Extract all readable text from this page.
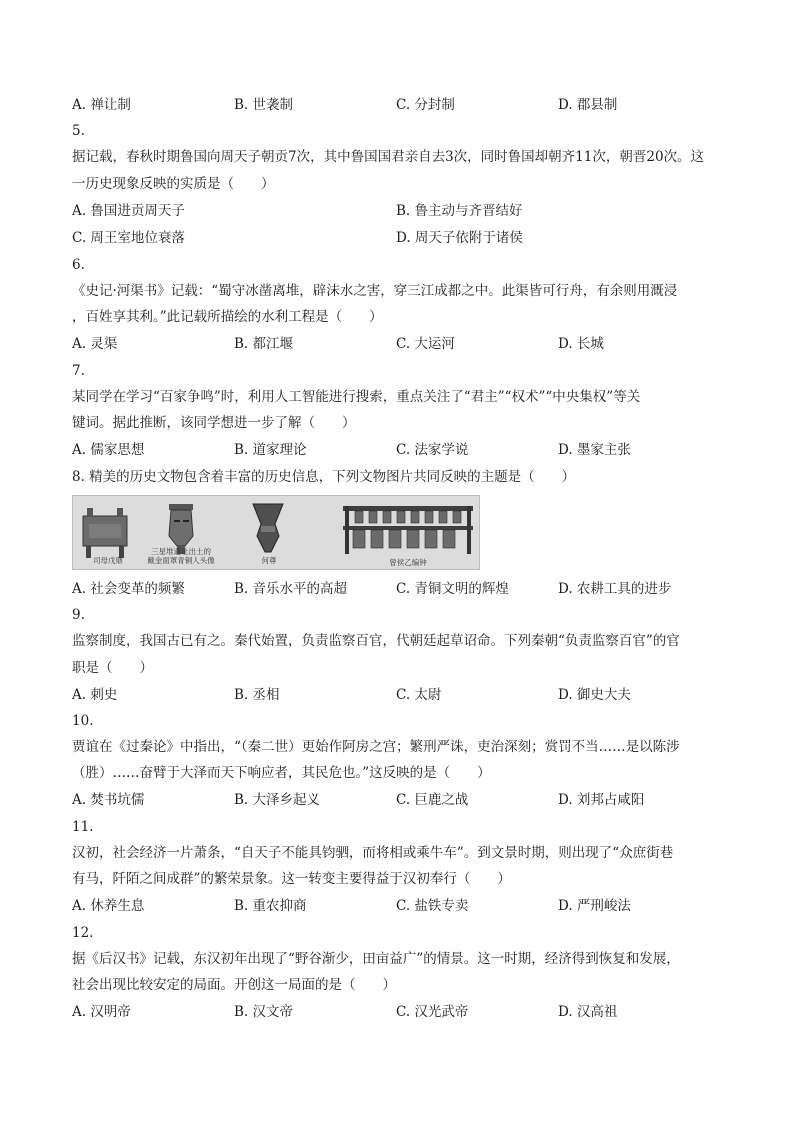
A. 禅让制	B. 世袭制	C. 分封制	D. 郡县制
5.
据记载，春秋时期鲁国向周天子朝贡7次，其中鲁国国君亲自去3次，同时鲁国却朝齐11次，朝晋20次。这
一历史现象反映的实质是（　　）
A. 鲁国进贡周天子	B. 鲁主动与齐晋结好
C. 周王室地位衰落	D. 周天子依附于诸侯
6.
《史记·河渠书》记载：“蜀守冰凿离堆，辟沫水之害，穿三江成都之中。此渠皆可行舟，有余则用溉浸
，百姓享其利。”此记载所描绘的水利工程是（　　）
A. 灵渠	B. 都江堰	C. 大运河	D. 长城
7.
某同学在学习“百家争鸣”时，利用人工智能进行搜索，重点关注了“君主”“权术”“中央集权”等关
键词。据此推断，该同学想进一步了解（　　）
A. 儒家思想	B. 道家理论	C. 法家学说	D. 墨家主张
8. 精美的历史文物包含着丰富的历史信息，下列文物图片共同反映的主题是（　　）
司母戊鼎
三星堆遗址出土的
戴金面罩青铜人头像	何尊	曾侯乙编钟
A. 社会变革的频繁	B. 音乐水平的高超	C. 青铜文明的辉煌	D. 农耕工具的进步
9.
监察制度，我国古已有之。秦代始置，负责监察百官，代朝廷起草诏命。下列秦朝“负责监察百官”的官
职是（　　）
A. 刺史	B. 丞相	C. 太尉	D. 御史大夫
10.
贾谊在《过秦论》中指出，“（秦二世）更始作阿房之宫；繁刑严诛，吏治深刻；赏罚不当……是以陈涉
（胜）……奋臂于大泽而天下响应者，其民危也。”这反映的是（　　）
A. 焚书坑儒	B. 大泽乡起义	C. 巨鹿之战	D. 刘邦占咸阳
11.
汉初，社会经济一片萧条，“自天子不能具钧驷，而将相或乘牛车”。到文景时期，则出现了“众庶街巷
有马，阡陌之间成群”的繁荣景象。这一转变主要得益于汉初奉行（　　）
A. 休养生息	B. 重农抑商	C. 盐铁专卖	D. 严刑峻法
12.
据《后汉书》记载，东汉初年出现了“野谷渐少，田亩益广”的情景。这一时期，经济得到恢复和发展，
社会出现比较安定的局面。开创这一局面的是（　　）
A. 汉明帝	B. 汉文帝	C. 汉光武帝	D. 汉高祖
